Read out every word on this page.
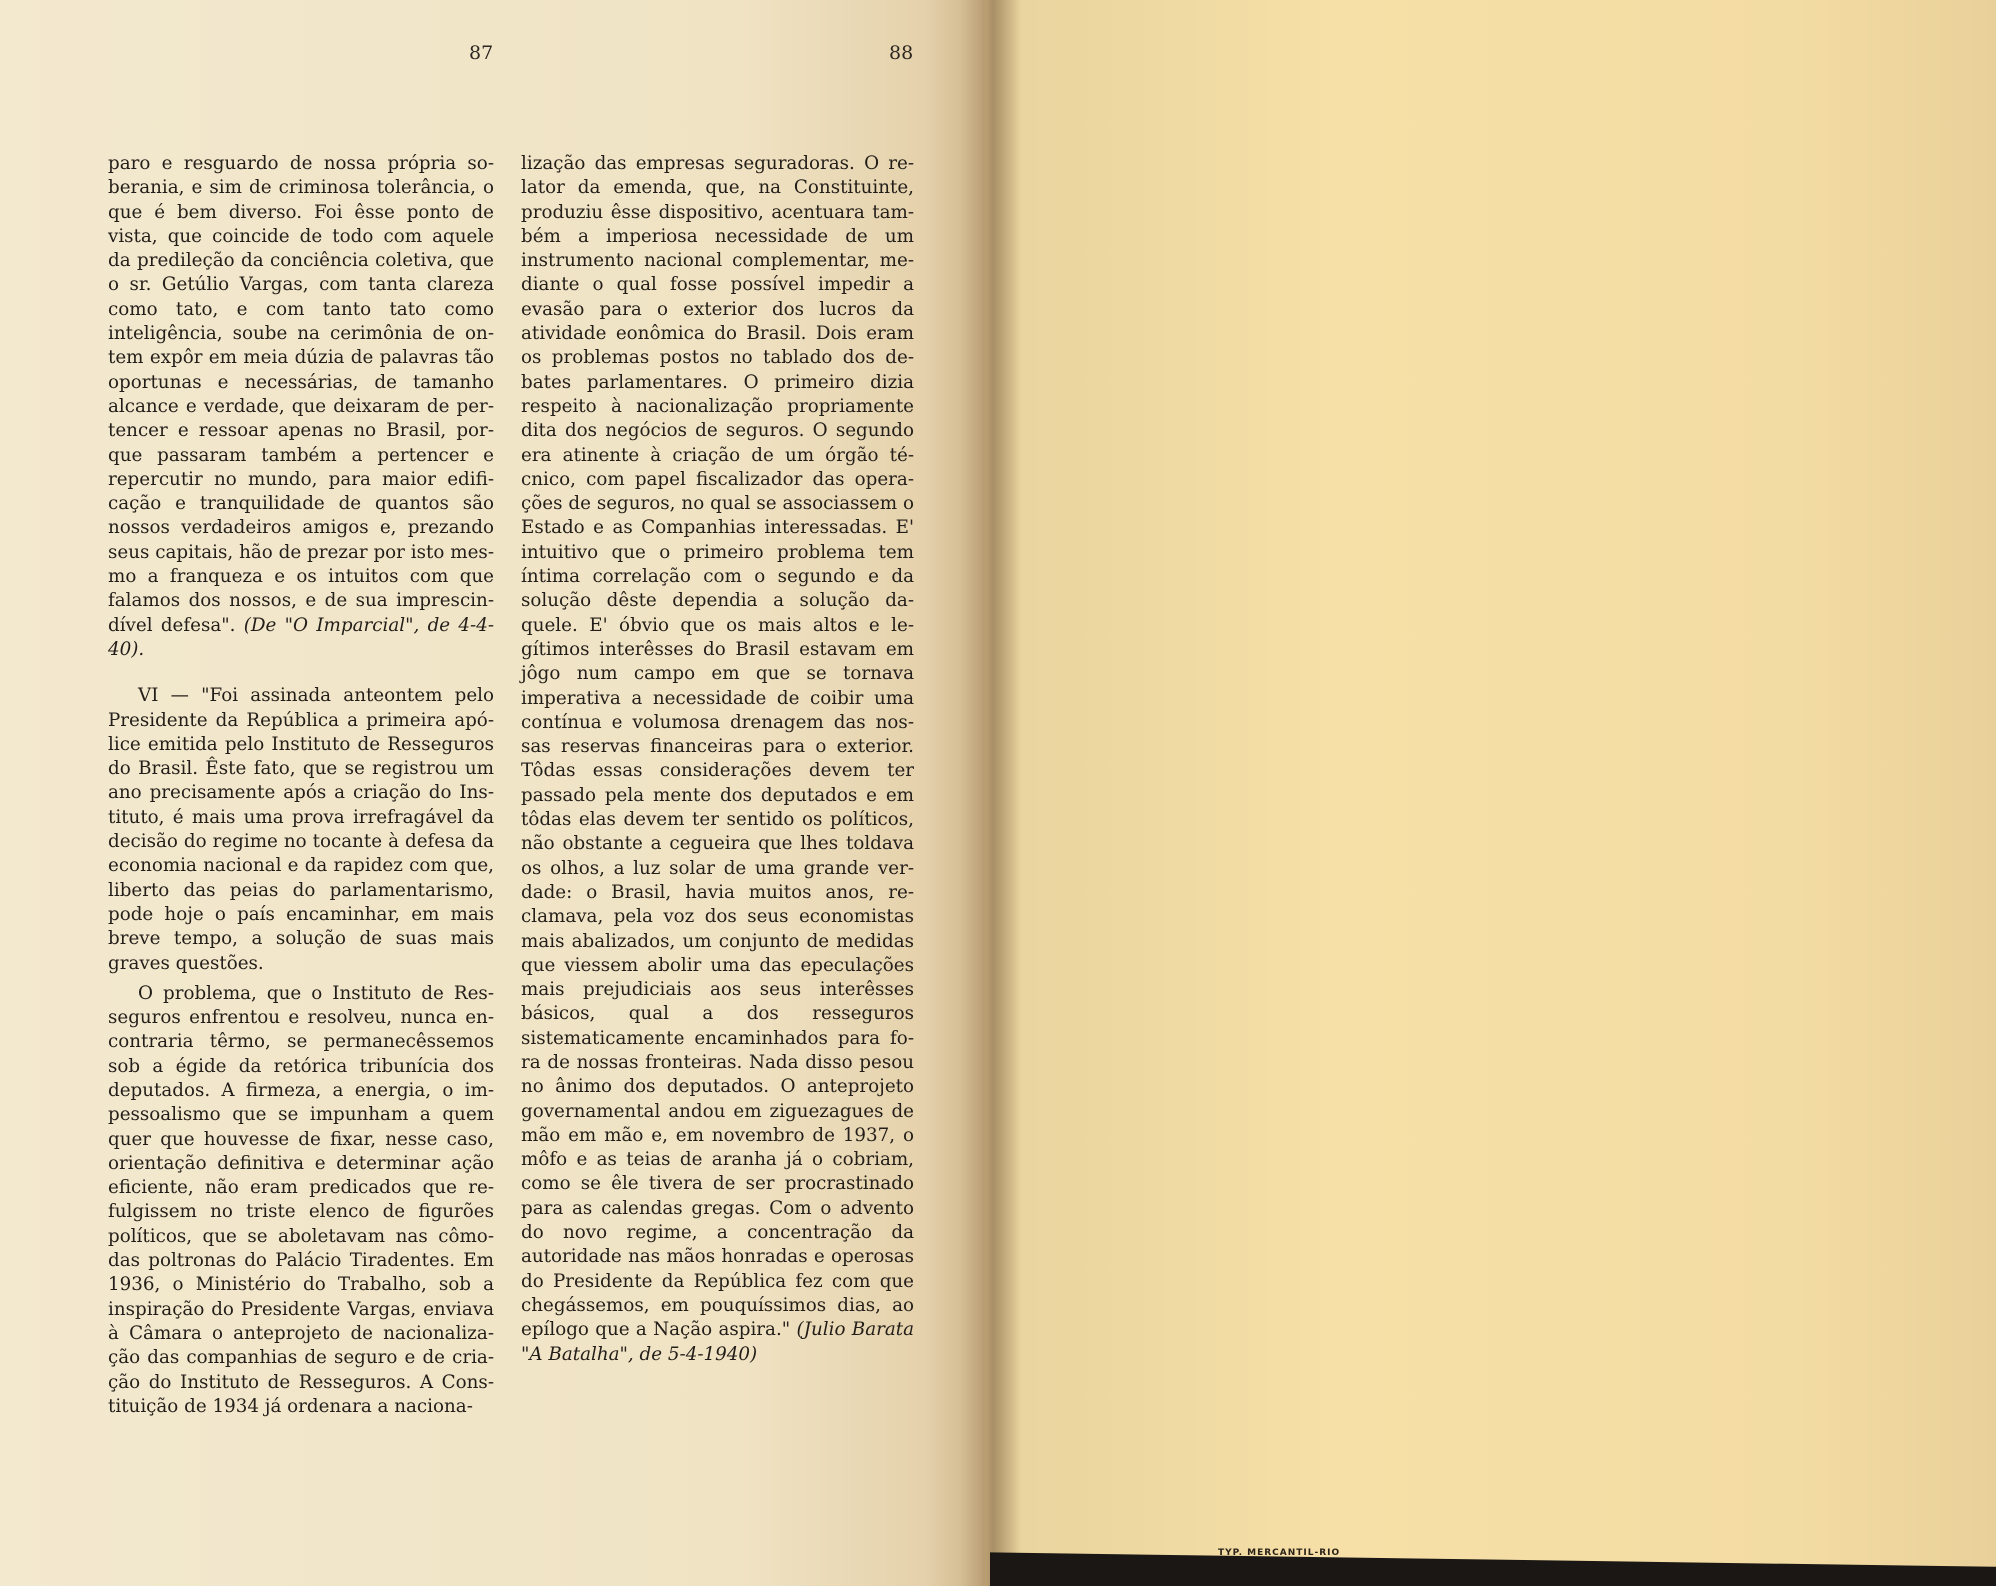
87	88

paro e resguardo de nossa própria soberania, e sim de criminosa tolerância, o que é bem diverso. Foi êsse ponto de vista, que coincide de todo com aquele da predileção da conciência coletiva, que o sr. Getúlio Vargas, com tanta clareza como tato, e com tanto tato como inteligência, soube na cerimônia de ontem expôr em meia dúzia de palavras tão oportunas e necessárias, de tamanho alcance e verdade, que deixaram de pertencer e ressoar apenas no Brasil, porque passaram também a pertencer e repercutir no mundo, para maior edificação e tranquilidade de quantos são nossos verdadeiros amigos e, prezando seus capitais, hão de prezar por isto mesmo a franqueza e os intuitos com que falamos dos nossos, e de sua imprescindível defesa". (De "O Imparcial", de 4-4-40).

VI — "Foi assinada anteontem pelo Presidente da República a primeira apólice emitida pelo Instituto de Resseguros do Brasil. Êste fato, que se registrou um ano precisamente após a criação do Instituto, é mais uma prova irrefragável da decisão do regime no tocante à defesa da economia nacional e da rapidez com que, liberto das peias do parlamentarismo, pode hoje o país encaminhar, em mais breve tempo, a solução de suas mais graves questões.

O problema, que o Instituto de Resseguros enfrentou e resolveu, nunca encontraria têrmo, se permanecêssemos sob a égide da retórica tribunícia dos deputados. A firmeza, a energia, o impessoalismo que se impunham a quem quer que houvesse de fixar, nesse caso, orientação definitiva e determinar ação eficiente, não eram predicados que refulgissem no triste elenco de figurões políticos, que se aboletavam nas cômodas poltronas do Palácio Tiradentes. Em 1936, o Ministério do Trabalho, sob a inspiração do Presidente Vargas, enviava à Câmara o anteprojeto de nacionalização das companhias de seguro e de criação do Instituto de Resseguros. A Constituição de 1934 já ordenara a naciona-

lização das empresas seguradoras. O relator da emenda, que, na Constituinte, produziu êsse dispositivo, acentuara também a imperiosa necessidade de um instrumento nacional complementar, mediante o qual fosse possível impedir a evasão para o exterior dos lucros da atividade eonômica do Brasil. Dois eram os problemas postos no tablado dos debates parlamentares. O primeiro dizia respeito à nacionalização propriamente dita dos negócios de seguros. O segundo era atinente à criação de um órgão técnico, com papel fiscalizador das operações de seguros, no qual se associassem o Estado e as Companhias interessadas. E' intuitivo que o primeiro problema tem íntima correlação com o segundo e da solução dêste dependia a solução daquele. E' óbvio que os mais altos e legítimos interêsses do Brasil estavam em jôgo num campo em que se tornava imperativa a necessidade de coibir uma contínua e volumosa drenagem das nossas reservas financeiras para o exterior. Tôdas essas considerações devem ter passado pela mente dos deputados e em tôdas elas devem ter sentido os políticos, não obstante a cegueira que lhes toldava os olhos, a luz solar de uma grande verdade: o Brasil, havia muitos anos, reclamava, pela voz dos seus economistas mais abalizados, um conjunto de medidas que viessem abolir uma das epeculações mais prejudiciais aos seus interêsses básicos, qual a dos resseguros sistematicamente encaminhados para fora de nossas fronteiras. Nada disso pesou no ânimo dos deputados. O anteprojeto governamental andou em ziguezagues de mão em mão e, em novembro de 1937, o môfo e as teias de aranha já o cobriam, como se êle tivera de ser procrastinado para as calendas gregas. Com o advento do novo regime, a concentração da autoridade nas mãos honradas e operosas do Presidente da República fez com que chegássemos, em pouquíssimos dias, ao epílogo que a Nação aspira." (Julio Barata "A Batalha", de 5-4-1940)

TYP. MERCANTIL-RIO
